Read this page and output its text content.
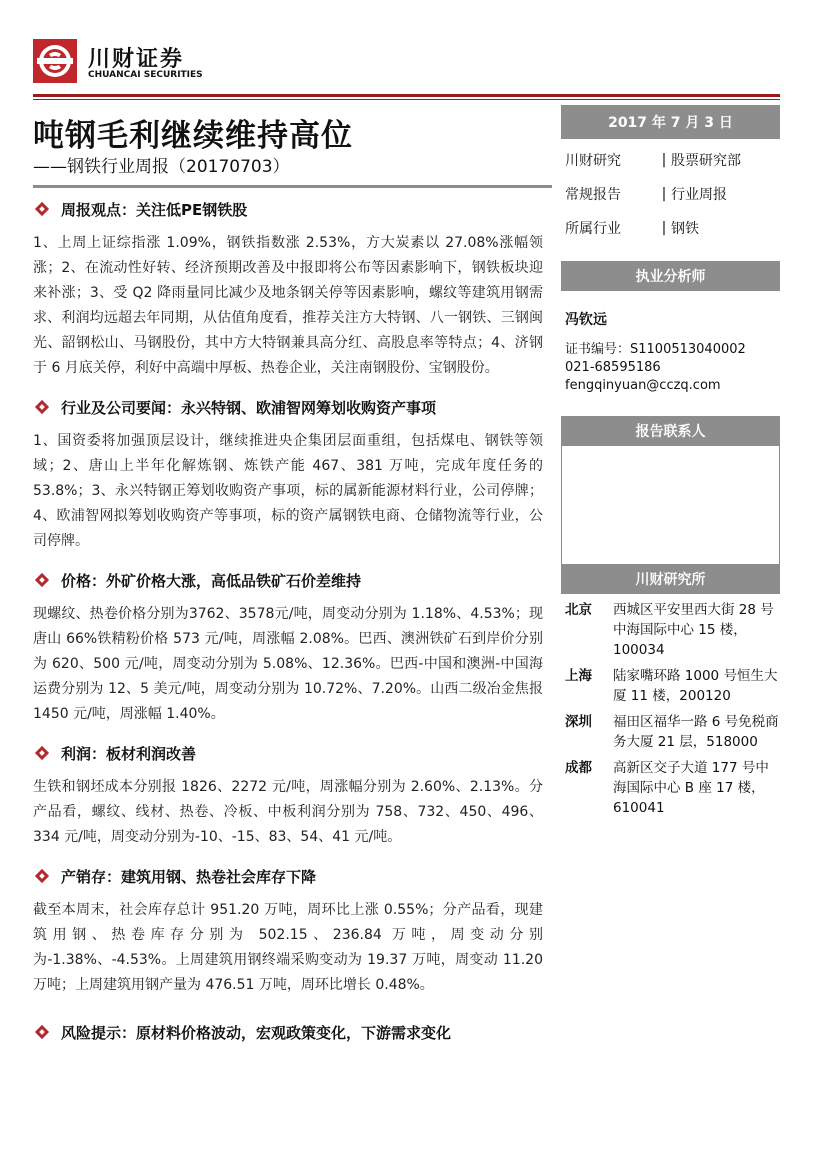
川财证券
CHUANCAI SECURITIES
吨钢毛利继续维持高位
——钢铁行业周报（20170703）
周报观点：关注低PE钢铁股

1、上周上证综指涨 1.09%，钢铁指数涨 2.53%，方大炭素以 27.08%涨幅领涨；2、在流动性好转、经济预期改善及中报即将公布等因素影响下，钢铁板块迎来补涨；3、受 Q2 降雨量同比减少及地条钢关停等因素影响，螺纹等建筑用钢需求、利润均远超去年同期，从估值角度看，推荐关注方大特钢、八一钢铁、三钢闽光、韶钢松山、马钢股份，其中方大特钢兼具高分红、高股息率等特点；4、济钢于 6 月底关停，利好中高端中厚板、热卷企业，关注南钢股份、宝钢股份。

行业及公司要闻：永兴特钢、欧浦智网筹划收购资产事项

1、国资委将加强顶层设计，继续推进央企集团层面重组，包括煤电、钢铁等领域；2、唐山上半年化解炼钢、炼铁产能 467、381 万吨，完成年度任务的 53.8%；3、永兴特钢正筹划收购资产事项，标的属新能源材料行业，公司停牌；4、欧浦智网拟筹划收购资产等事项，标的资产属钢铁电商、仓储物流等行业，公司停牌。

价格：外矿价格大涨，高低品铁矿石价差维持

现螺纹、热卷价格分别为3762、3578元/吨，周变动分别为 1.18%、4.53%；现唐山 66%铁精粉价格 573 元/吨，周涨幅 2.08%。巴西、澳洲铁矿石到岸价分别为 620、500 元/吨，周变动分别为 5.08%、12.36%。巴西-中国和澳洲-中国海运费分别为 12、5 美元/吨，周变动分别为 10.72%、7.20%。山西二级冶金焦报 1450 元/吨，周涨幅 1.40%。

利润：板材利润改善

生铁和钢坯成本分别报 1826、2272 元/吨，周涨幅分别为 2.60%、2.13%。分产品看，螺纹、线材、热卷、冷板、中板利润分别为 758、732、450、496、334 元/吨，周变动分别为-10、-15、83、54、41 元/吨。

产销存：建筑用钢、热卷社会库存下降

截至本周末，社会库存总计 951.20 万吨，周环比上涨 0.55%；分产品看，现建筑用钢、热卷库存分别为 502.15、236.84 万吨，周变动分别为-1.38%、-4.53%。上周建筑用钢终端采购变动为 19.37 万吨，周变动 11.20 万吨；上周建筑用钢产量为 476.51 万吨，周环比增长 0.48%。

风险提示：原材料价格波动，宏观政策变化，下游需求变化
2017 年 7 月 3 日
川财研究	| 股票研究部
常规报告	| 行业周报
所属行业	| 钢铁
执业分析师
冯钦远
证书编号：S1100513040002
021-68595186
fengqinyuan@cczq.com
报告联系人
川财研究所
北京	西城区平安里西大街 28 号中海国际中心 15 楼，100034
上海	陆家嘴环路 1000 号恒生大厦 11 楼，200120
深圳	福田区福华一路 6 号免税商务大厦 21 层，518000
成都	高新区交子大道 177 号中海国际中心 B 座 17 楼，610041
